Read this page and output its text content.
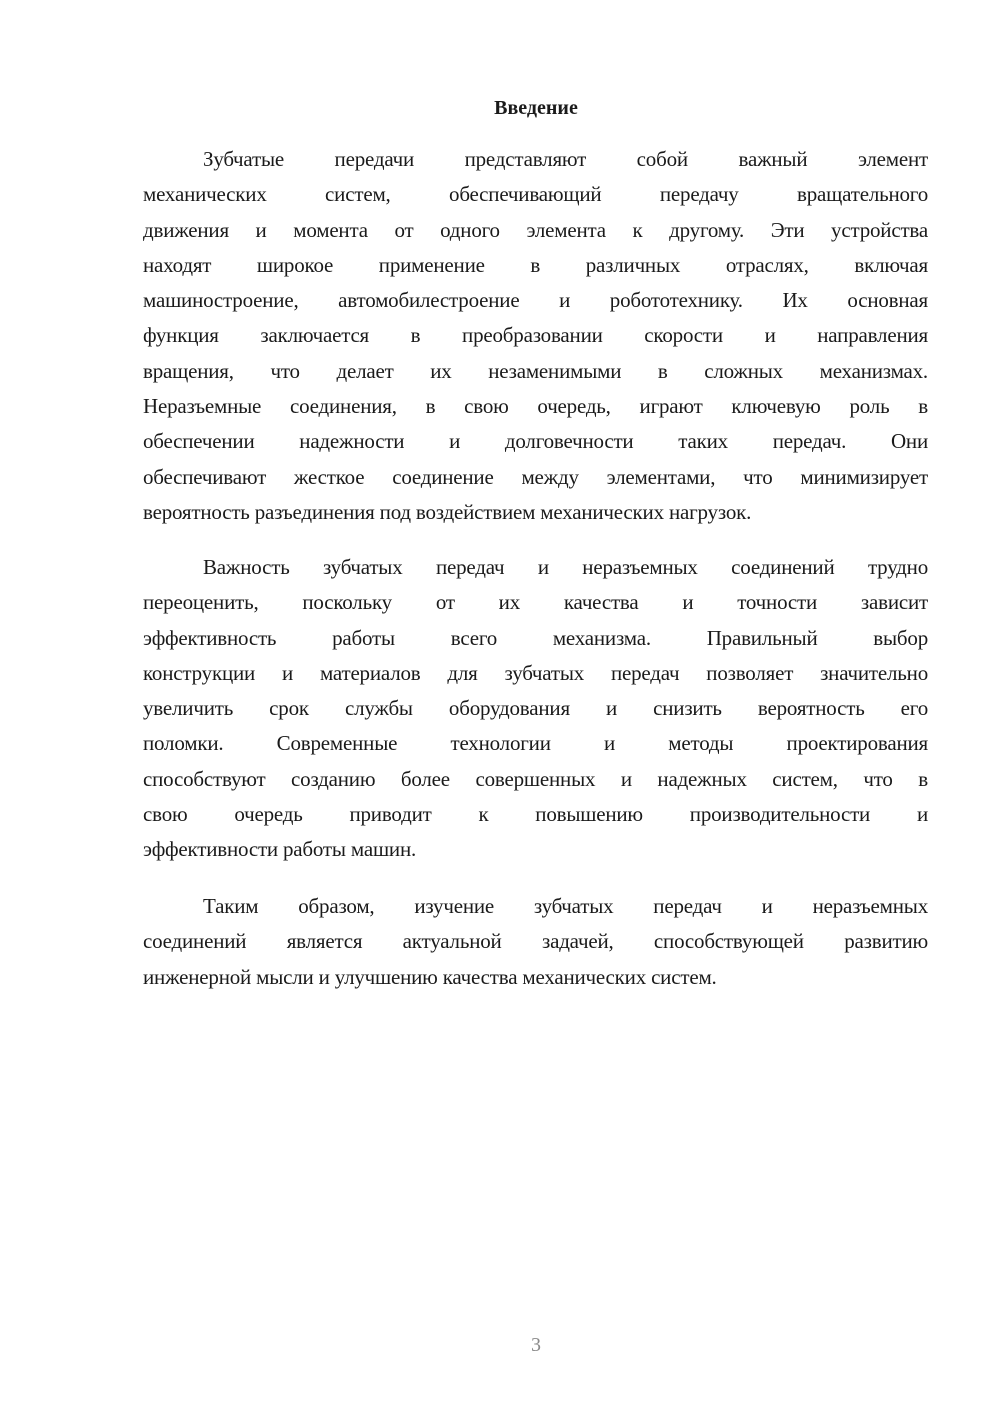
Введение
Зубчатые передачи представляют собой важный элемент
механических систем, обеспечивающий передачу вращательного
движения и момента от одного элемента к другому. Эти устройства
находят широкое применение в различных отраслях, включая
машиностроение, автомобилестроение и робототехнику. Их основная
функция заключается в преобразовании скорости и направления
вращения, что делает их незаменимыми в сложных механизмах.
Неразъемные соединения, в свою очередь, играют ключевую роль в
обеспечении надежности и долговечности таких передач. Они
обеспечивают жесткое соединение между элементами, что минимизирует
вероятность разъединения под воздействием механических нагрузок.
Важность зубчатых передач и неразъемных соединений трудно
переоценить, поскольку от их качества и точности зависит
эффективность работы всего механизма. Правильный выбор
конструкции и материалов для зубчатых передач позволяет значительно
увеличить срок службы оборудования и снизить вероятность его
поломки. Современные технологии и методы проектирования
способствуют созданию более совершенных и надежных систем, что в
свою очередь приводит к повышению производительности и
эффективности работы машин.
Таким образом, изучение зубчатых передач и неразъемных
соединений является актуальной задачей, способствующей развитию
инженерной мысли и улучшению качества механических систем.
3
